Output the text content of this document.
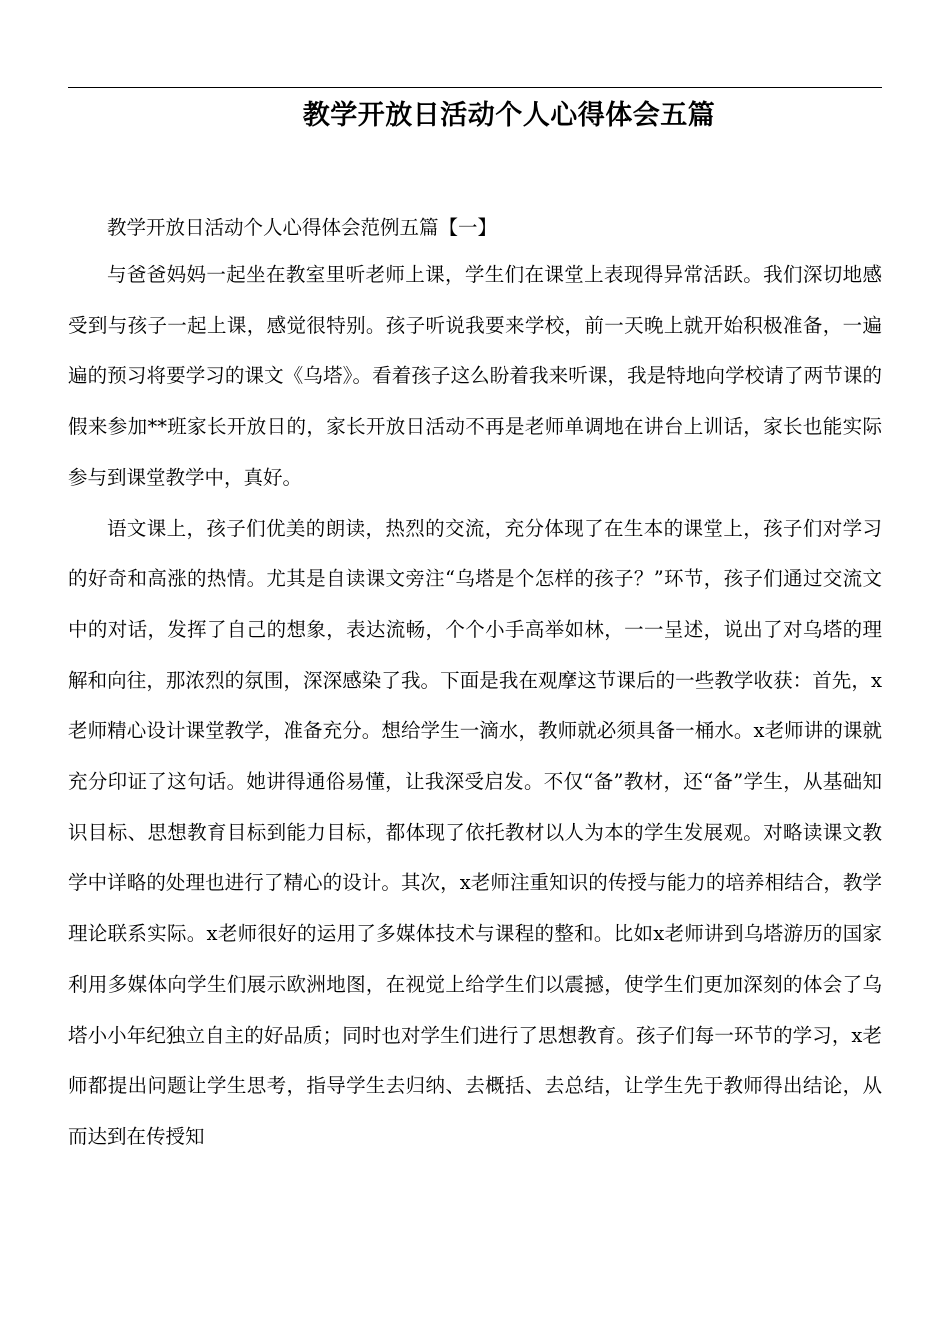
教学开放日活动个人心得体会五篇

教学开放日活动个人心得体会范例五篇【一】

与爸爸妈妈一起坐在教室里听老师上课，学生们在课堂上表现得异常活跃。我们深切地感受到与孩子一起上课，感觉很特别。孩子听说我要来学校，前一天晚上就开始积极准备，一遍遍的预习将要学习的课文《乌塔》。看着孩子这么盼着我来听课，我是特地向学校请了两节课的假来参加**班家长开放日的，家长开放日活动不再是老师单调地在讲台上训话，家长也能实际参与到课堂教学中，真好。

语文课上，孩子们优美的朗读，热烈的交流，充分体现了在生本的课堂上，孩子们对学习的好奇和高涨的热情。尤其是自读课文旁注“乌塔是个怎样的孩子？”环节，孩子们通过交流文中的对话，发挥了自己的想象，表达流畅，个个小手高举如林，一一呈述，说出了对乌塔的理解和向往，那浓烈的氛围，深深感染了我。下面是我在观摩这节课后的一些教学收获：首先，x老师精心设计课堂教学，准备充分。想给学生一滴水，教师就必须具备一桶水。x老师讲的课就充分印证了这句话。她讲得通俗易懂，让我深受启发。不仅“备”教材，还“备”学生，从基础知识目标、思想教育目标到能力目标，都体现了依托教材以人为本的学生发展观。对略读课文教学中详略的处理也进行了精心的设计。其次，x老师注重知识的传授与能力的培养相结合，教学理论联系实际。x老师很好的运用了多媒体技术与课程的整和。比如x老师讲到乌塔游历的国家利用多媒体向学生们展示欧洲地图，在视觉上给学生们以震撼，使学生们更加深刻的体会了乌塔小小年纪独立自主的好品质；同时也对学生们进行了思想教育。孩子们每一环节的学习，x老师都提出问题让学生思考，指导学生去归纳、去概括、去总结，让学生先于教师得出结论，从而达到在传授知
